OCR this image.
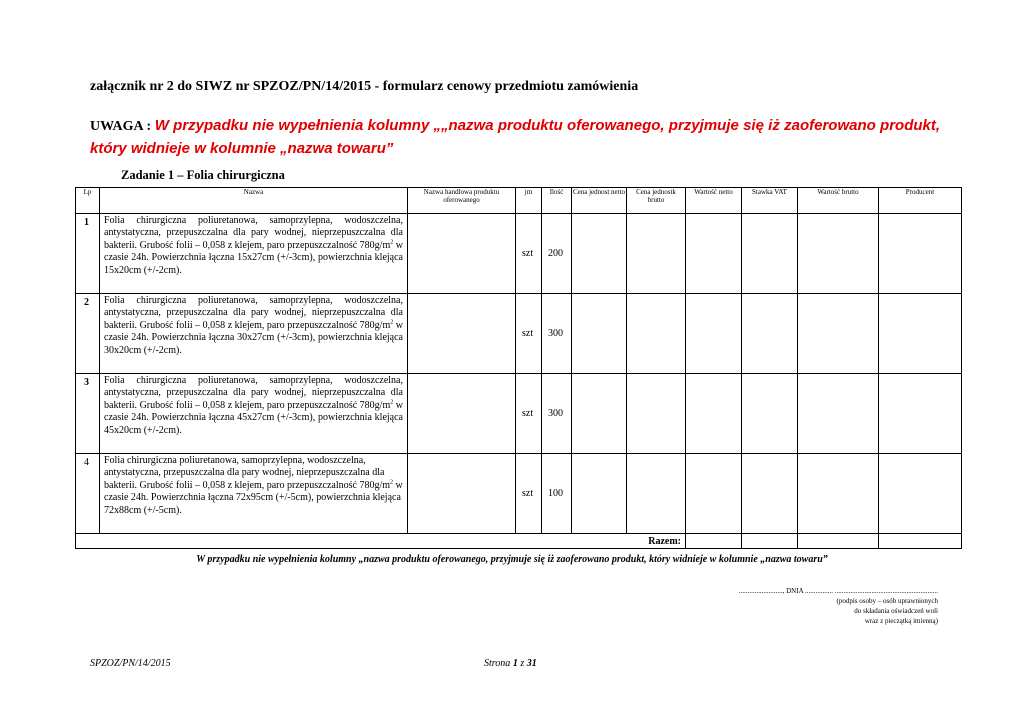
załącznik nr 2 do SIWZ nr SPZOZ/PN/14/2015 - formularz cenowy przedmiotu zamówienia
UWAGA : W przypadku nie wypełnienia kolumny „„nazwa produktu oferowanego, przyjmuje się iż zaoferowano produkt, który widnieje w kolumnie „nazwa towaru”
Zadanie 1 – Folia chirurgiczna
Lp	Nazwa	Nazwa handlowa produktu oferowanego	jm	Ilość	Cena jednost netto	Cena jednostk brutto	Wartość netto	Stawka VAT	Wartość brutto	Producent
1	Folia chirurgiczna poliuretanowa, samoprzylepna, wodoszczelna, antystatyczna, przepuszczalna dla pary wodnej, nieprzepuszczalna dla bakterii. Grubość folii – 0,058 z klejem, paro przepuszczalność $780g/m^2$ w czasie 24h. Powierzchnia łączna 15x27cm (+/-3cm), powierzchnia klejąca 15x20cm (+/-2cm).		szt	200						
2	Folia chirurgiczna poliuretanowa, samoprzylepna, wodoszczelna, antystatyczna, przepuszczalna dla pary wodnej, nieprzepuszczalna dla bakterii. Grubość folii – 0,058 z klejem, paro przepuszczalność $780g/m^2$ w czasie 24h. Powierzchnia łączna 30x27cm (+/-3cm), powierzchnia klejąca 30x20cm (+/-2cm).		szt	300						
3	Folia chirurgiczna poliuretanowa, samoprzylepna, wodoszczelna, antystatyczna, przepuszczalna dla pary wodnej, nieprzepuszczalna dla bakterii. Grubość folii – 0,058 z klejem, paro przepuszczalność $780g/m^2$ w czasie 24h. Powierzchnia łączna 45x27cm (+/-3cm), powierzchnia klejąca 45x20cm (+/-2cm).		szt	300						
4	Folia chirurgiczna poliuretanowa, samoprzylepna, wodoszczelna, antystatyczna, przepuszczalna dla pary wodnej, nieprzepuszczalna dla bakterii. Grubość folii – 0,058 z klejem, paro przepuszczalność $780g/m^2$ w czasie 24h. Powierzchnia łączna 72x95cm (+/-5cm), powierzchnia klejąca 72x88cm (+/-5cm).		szt	100						
Razem:										
W przypadku nie wypełnienia kolumny „nazwa produktu oferowanego, przyjmuje się iż zaoferowano produkt, który widnieje w kolumnie „nazwa towaru”
........................., DNIA ................ ...........................................................
(podpis osoby – osób uprawnionych
do składania oświadczeń woli
wraz z pieczątką imienną)
SPZOZ/PN/14/2015	Strona 1 z 31
